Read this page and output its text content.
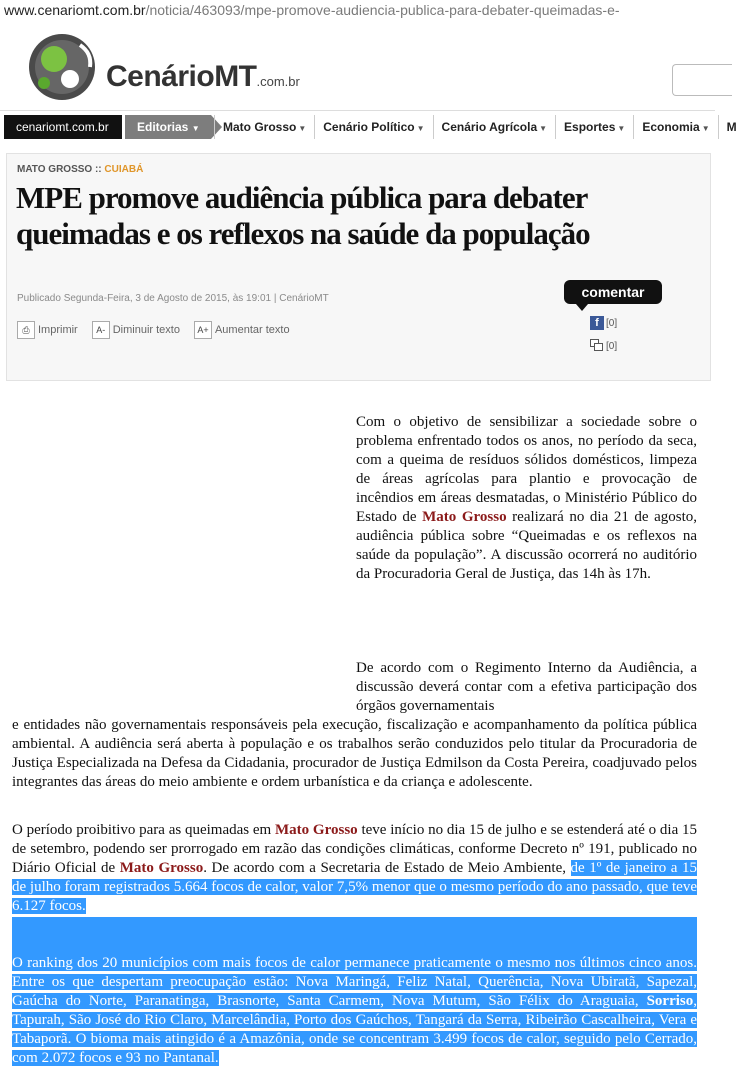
www.cenariomt.com.br/noticia/463093/mpe-promove-audiencia-publica-para-debater-queimadas-e-
CenárioMT.com.br
cenariomt.com.br	Editorias ▼	Mato Grosso ▼	Cenário Político ▼	Cenário Agrícola ▼	Esportes ▼	Economia ▼	M
MATO GROSSO :: CUIABÁ
MPE promove audiência pública para debater queimadas e os reflexos na saúde da população
Publicado Segunda-Feira, 3 de Agosto de 2015, às 19:01 | CenárioMT
⎙ Imprimir	A- Diminuir texto	A+ Aumentar texto
comentar
f [0]
[0]

Com o objetivo de sensibilizar a sociedade sobre o problema enfrentado todos os anos, no período da seca, com a queima de resíduos sólidos domésticos, limpeza de áreas agrícolas para plantio e provocação de incêndios em áreas desmatadas, o Ministério Público do Estado de Mato Grosso realizará no dia 21 de agosto, audiência pública sobre “Queimadas e os reflexos na saúde da população”. A discussão ocorrerá no auditório da Procuradoria Geral de Justiça, das 14h às 17h.

De acordo com o Regimento Interno da Audiência, a discussão deverá contar com a efetiva participação dos órgãos governamentais

e entidades não governamentais responsáveis pela execução, fiscalização e acompanhamento da política pública ambiental. A audiência será aberta à população e os trabalhos serão conduzidos pelo titular da Procuradoria de Justiça Especializada na Defesa da Cidadania, procurador de Justiça Edmilson da Costa Pereira, coadjuvado pelos integrantes das áreas do meio ambiente e ordem urbanística e da criança e adolescente.

O período proibitivo para as queimadas em Mato Grosso teve início no dia 15 de julho e se estenderá até o dia 15 de setembro, podendo ser prorrogado em razão das condições climáticas, conforme Decreto nº 191, publicado no Diário Oficial de Mato Grosso. De acordo com a Secretaria de Estado de Meio Ambiente, de 1º de janeiro a 15 de julho foram registrados 5.664 focos de calor, valor 7,5% menor que o mesmo período do ano passado, que teve 6.127 focos.

O ranking dos 20 municípios com mais focos de calor permanece praticamente o mesmo nos últimos cinco anos. Entre os que despertam preocupação estão: Nova Maringá, Feliz Natal, Querência, Nova Ubiratã, Sapezal, Gaúcha do Norte, Paranatinga, Brasnorte, Santa Carmem, Nova Mutum, São Félix do Araguaia, Sorriso, Tapurah, São José do Rio Claro, Marcelândia, Porto dos Gaúchos, Tangará da Serra, Ribeirão Cascalheira, Vera e Tabaporã. O bioma mais atingido é a Amazônia, onde se concentram 3.499 focos de calor, seguido pelo Cerrado, com 2.072 focos e 93 no Pantanal.
